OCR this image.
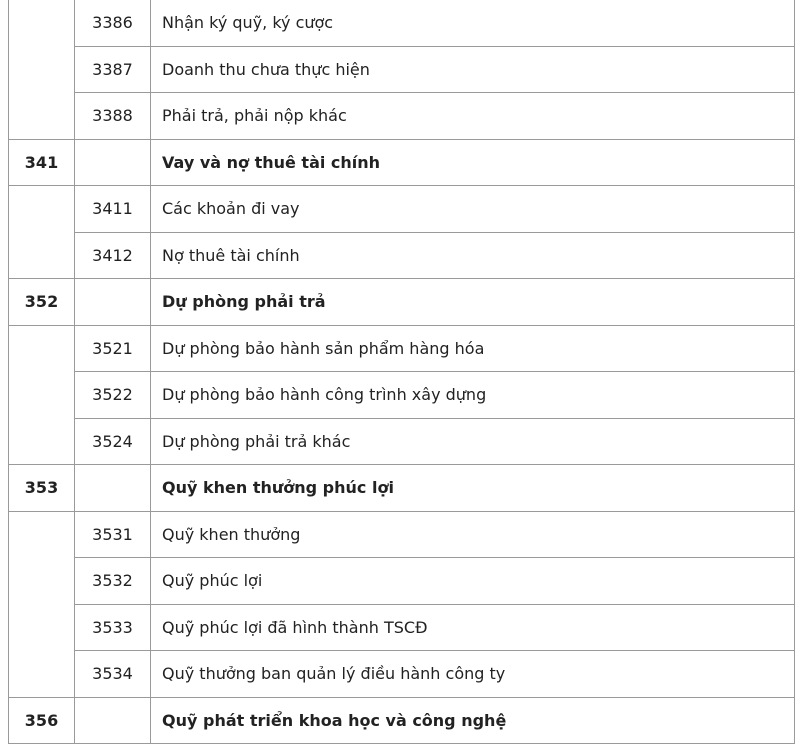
	3386	Nhận ký quỹ, ký cược
	3387	Doanh thu chưa thực hiện
	3388	Phải trả, phải nộp khác
341		Vay và nợ thuê tài chính
	3411	Các khoản đi vay
	3412	Nợ thuê tài chính
352		Dự phòng phải trả
	3521	Dự phòng bảo hành sản phẩm hàng hóa
	3522	Dự phòng bảo hành công trình xây dựng
	3524	Dự phòng phải trả khác
353		Quỹ khen thưởng phúc lợi
	3531	Quỹ khen thưởng
	3532	Quỹ phúc lợi
	3533	Quỹ phúc lợi đã hình thành TSCĐ
	3534	Quỹ thưởng ban quản lý điều hành công ty
356		Quỹ phát triển khoa học và công nghệ
